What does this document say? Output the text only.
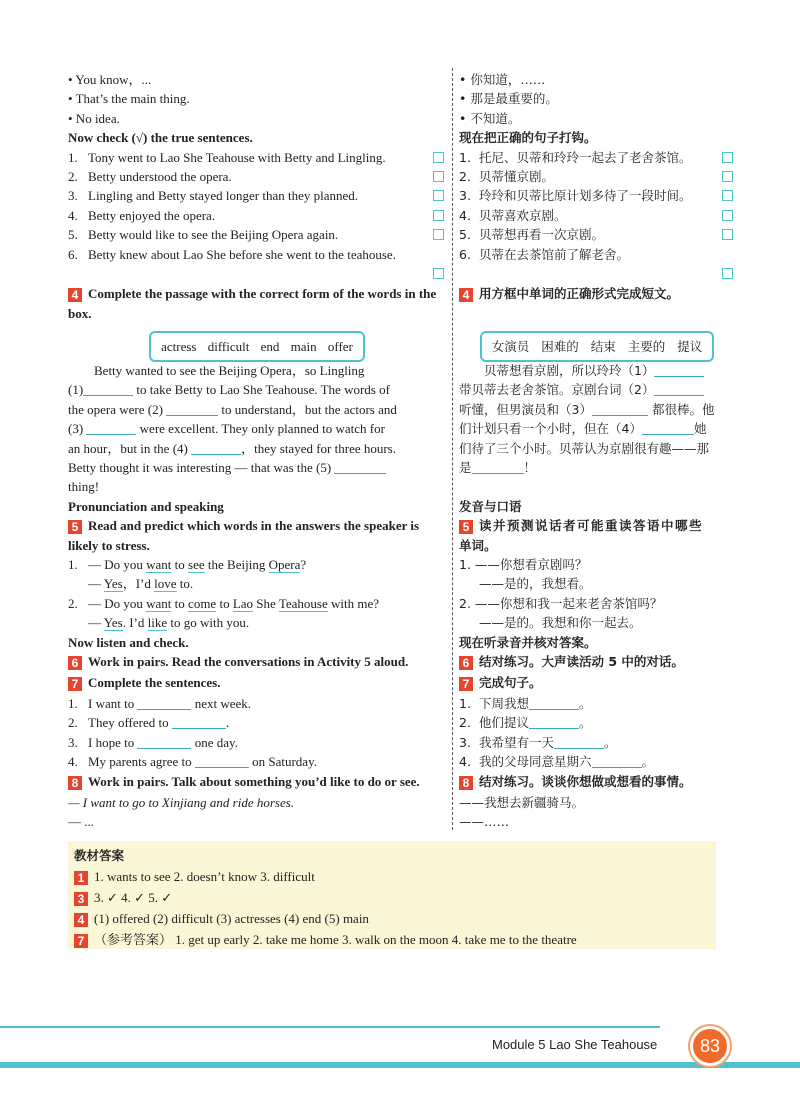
• You know，...
• That’s the main thing.
• No idea.
Now check (√) the true sentences.
1. Tony went to Lao She Teahouse with Betty and Lingling.
2. Betty understood the opera.
3. Lingling and Betty stayed longer than they planned.
4. Betty enjoyed the opera.
5. Betty would like to see the Beijing Opera again.
6. Betty knew about Lao She before she went to the teahouse.
4 Complete the passage with the correct form of the words in the
box.
actress difficult end main offer
Betty wanted to see the Beijing Opera，so Lingling
(1)	to take Betty to Lao She Teahouse. The words of
the opera were (2)	to understand，but the actors and
(3)	were excellent. They only planned to watch for
an hour，but in the (4)	，they stayed for three hours.
Betty thought it was interesting — that was the (5)
thing!
Pronunciation and speaking
5 Read and predict which words in the answers the speaker is
likely to stress.
1. — Do you want to see the Beijing Opera?
— Yes，I’d love to.
2. — Do you want to come to Lao She Teahouse with me?
— Yes. I’d like to go with you.
Now listen and check.
6 Work in pairs. Read the conversations in Activity 5 aloud.
7 Complete the sentences.
1. I want to	next week.
2. They offered to	.
3. I hope to	one day.
4. My parents agree to	on Saturday.
8 Work in pairs. Talk about something you’d like to do or see.
— I want to go to Xinjiang and ride horses.
— ...
• 你知道，……
• 那是最重要的。
• 不知道。
现在把正确的句子打钩。
1. 托尼、贝蒂和玲玲一起去了老舍茶馆。
2. 贝蒂懂京剧。
3. 玲玲和贝蒂比原计划多待了一段时间。
4. 贝蒂喜欢京剧。
5. 贝蒂想再看一次京剧。
6. 贝蒂在去茶馆前了解老舍。
4 用方框中单词的正确形式完成短文。
女演员 困难的 结束 主要的 提议
贝蒂想看京剧，所以玲玲（1）
带贝蒂去老舍茶馆。京剧台词（2）
听懂，但男演员和（3）	都很棒。他
们计划只看一个小时，但在（4）	她
们待了三个小时。贝蒂认为京剧很有趣——那
是	！
发音与口语
5 读并预测说话者可能重读答语中哪些
单词。
1. ——你想看京剧吗？
——是的，我想看。
2. ——你想和我一起来老舍茶馆吗？
——是的。我想和你一起去。
现在听录音并核对答案。
6 结对练习。大声读活动 5 中的对话。
7 完成句子。
1. 下周我想	。
2. 他们提议	。
3. 我希望有一天	。
4. 我的父母同意星期六	。
8 结对练习。谈谈你想做或想看的事情。
——我想去新疆骑马。
——……
教材答案
1 1. wants to see 2. doesn’t know 3. difficult
3 3. ✓ 4. ✓ 5. ✓
4 (1) offered (2) difficult (3) actresses (4) end (5) main
7 （参考答案） 1. get up early 2. take me home 3. walk on the moon 4. take me to the theatre
Module 5 Lao She Teahouse	83
